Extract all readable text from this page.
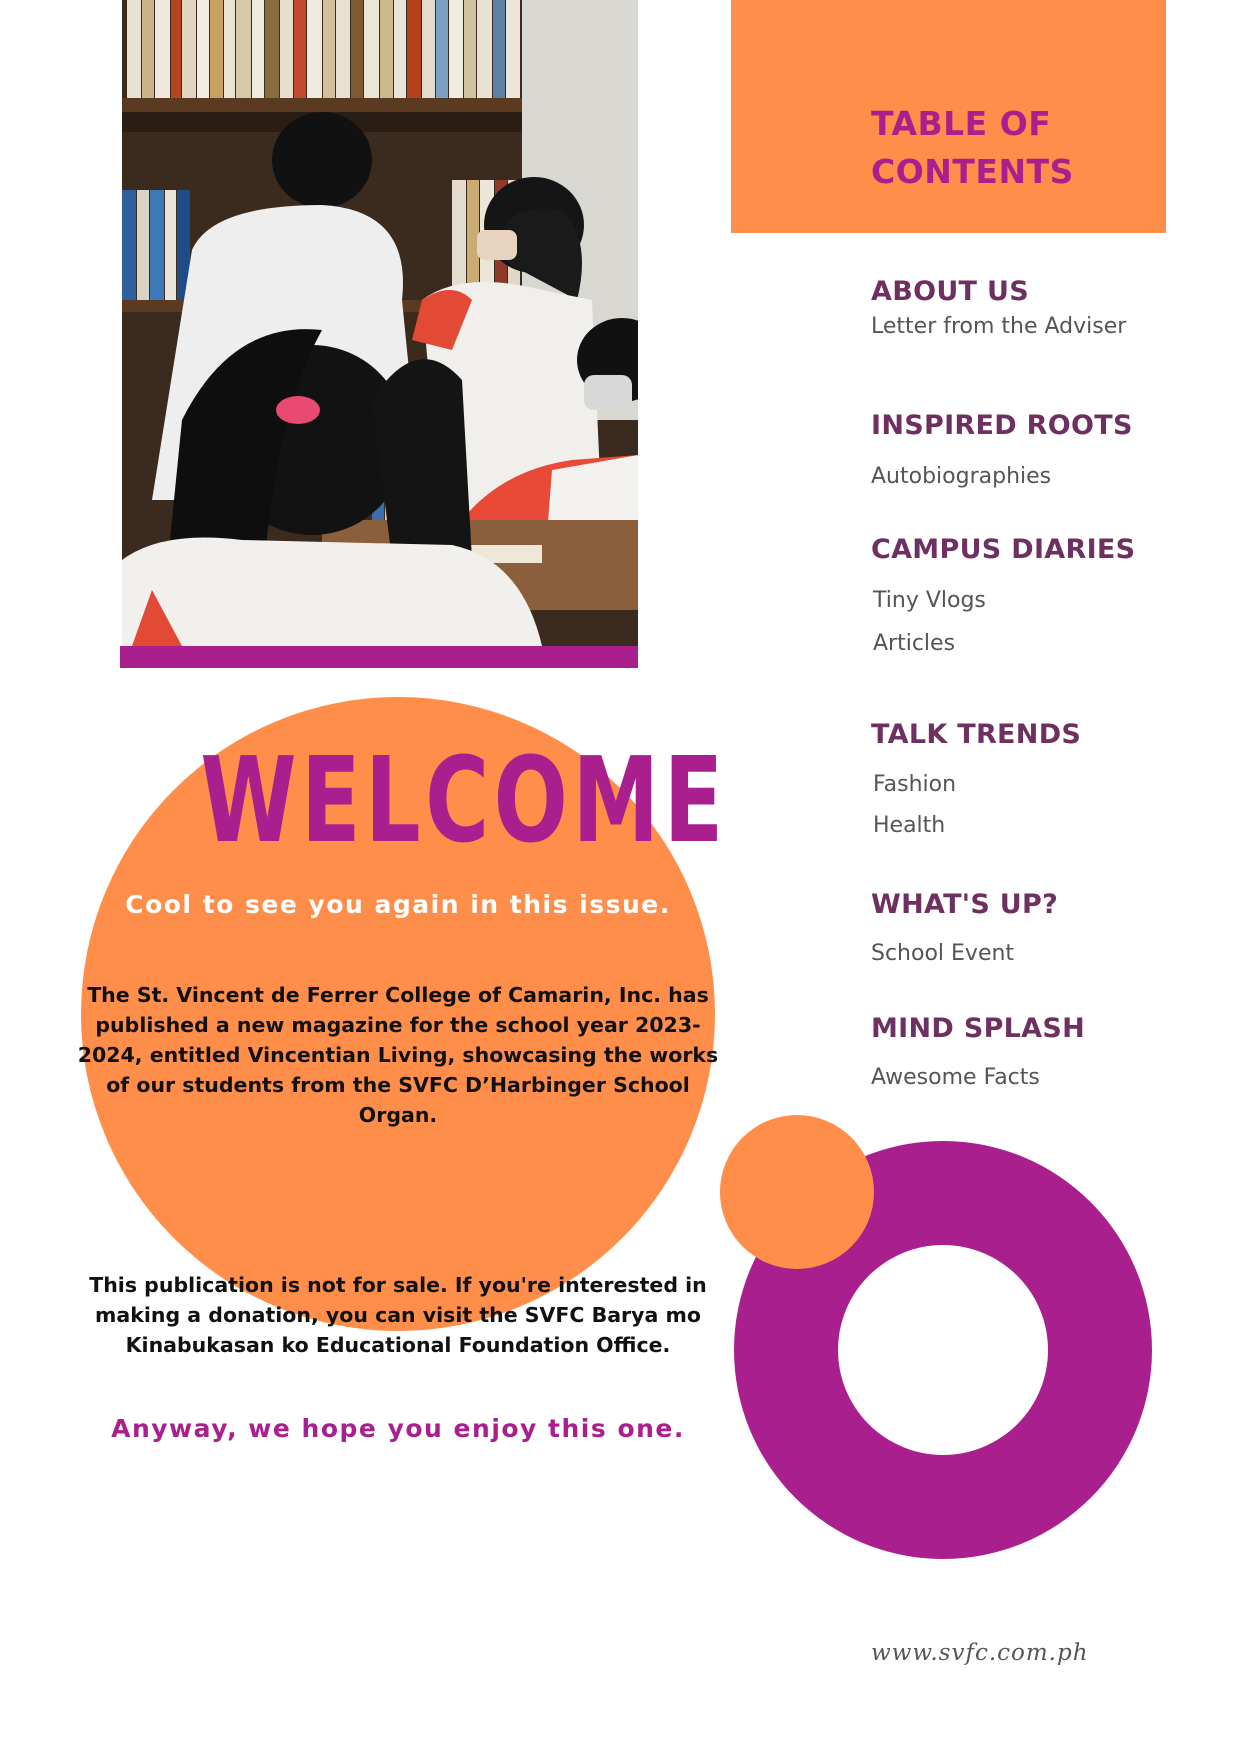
TABLE OF
CONTENTS
ABOUT US
Letter from the Adviser
INSPIRED ROOTS
Autobiographies
CAMPUS DIARIES
Tiny Vlogs
Articles
TALK TRENDS
Fashion
Health
WHAT'S UP?
School Event
MIND SPLASH
Awesome Facts
WELCOME
Cool to see you again in this issue.
The St. Vincent de Ferrer College of Camarin, Inc. has published a new magazine for the school year 2023-2024, entitled Vincentian Living, showcasing the works of our students from the SVFC D’Harbinger School Organ.
This publication is not for sale. If you're interested in making a donation, you can visit the SVFC Barya mo Kinabukasan ko Educational Foundation Office.
Anyway, we hope you enjoy this one.
www.svfc.com.ph
